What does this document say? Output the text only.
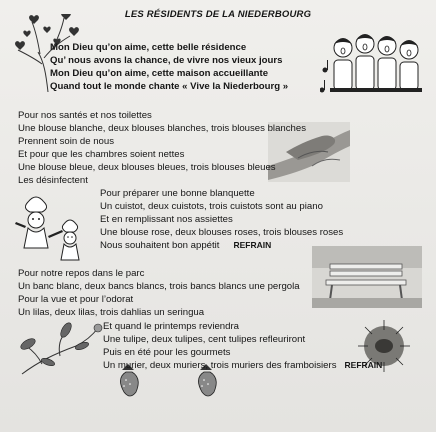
LES RÉSIDENTS DE LA NIEDERBOURG
Mon Dieu qu’on aime, cette belle résidence
Qu’ nous avons la chance, de vivre nos vieux jours
Mon Dieu qu’on aime, cette maison accueillante
Quand tout le monde chante « Vive la Niederbourg »
Pour nos santés et nos toilettes
Une blouse blanche, deux blouses blanches, trois blouses blanches
Prennent soin de nous
Et pour que les chambres soient nettes
Une blouse bleue, deux blouses bleues, trois blouses bleues
Les désinfectent
Pour préparer une bonne blanquette
Un cuistot, deux cuistots, trois cuistots sont au piano
Et en remplissant nos assiettes
Une blouse rose, deux blouses roses, trois blouses roses
Nous souhaitent bon appétit REFRAIN
Pour notre repos dans le parc
Un banc blanc, deux bancs blancs, trois bancs blancs une pergola
Pour la vue et pour l’odorat
Un lilas, deux lilas, trois dahlias un seringua
Et quand le printemps reviendra
Une tulipe, deux tulipes, cent tulipes refleuriront
Puis en été pour les gourmets
Un murier, deux muriers, trois muriers des framboisiers REFRAIN
